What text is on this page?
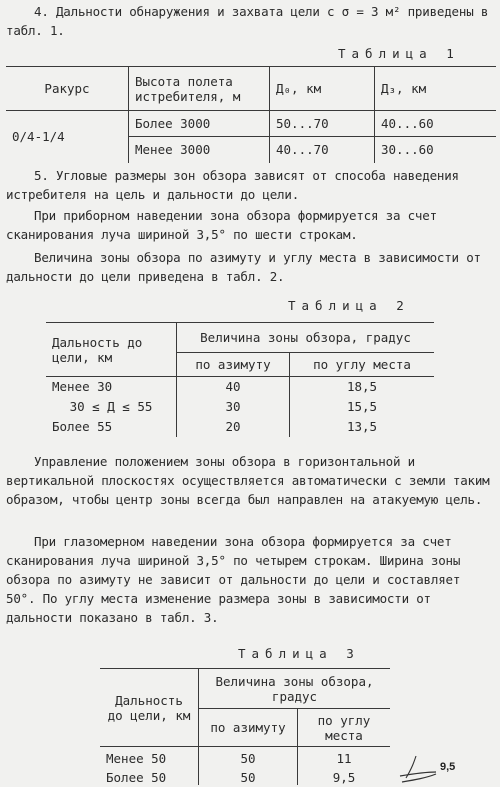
4. Дальности обнаружения и захвата цели с σ = 3 м² приведены в табл. 1.
Таблица 1
Ракурс	Высота полета истребителя, м	Д₀, км	Д₃, км
0/4-1/4	Более 3000	50...70	40...60
	Менее 3000	40...70	30...60
5. Угловые размеры зон обзора зависят от способа наведения истребителя на цель и дальности до цели.
При приборном наведении зона обзора формируется за счет сканирования луча шириной 3,5° по шести строкам.
Величина зоны обзора по азимуту и углу места в зависимости от дальности до цели приведена в табл. 2.
Таблица 2
Дальность до цели, км	Величина зоны обзора, градус	
	по азимуту	по углу места
Менее 30	40	18,5
30 ≤ Д ≤ 55	30	15,5
Более 55	20	13,5
Управление положением зоны обзора в горизонтальной и вертикальной плоскостях осуществляется автоматически с земли таким образом, чтобы центр зоны всегда был направлен на атакуемую цель.
При глазомерном наведении зона обзора формируется за счет сканирования луча шириной 3,5° по четырем строкам. Ширина зоны обзора по азимуту не зависит от дальности до цели и составляет 50°. По углу места изменение размера зоны в зависимости от дальности показано в табл. 3.
Таблица 3
Дальность до цели, км	Величина зоны обзора, градус	
	по азимуту	по углу места
Менее 50	50	11
Более 50	50	9,5
9,5
